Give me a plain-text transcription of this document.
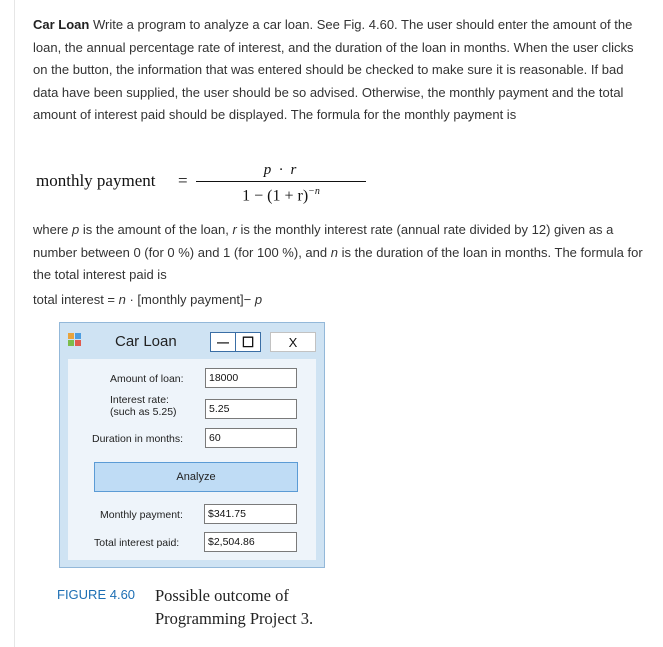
Car Loan Write a program to analyze a car loan. See Fig. 4.60. The user should enter the amount of the loan, the annual percentage rate of interest, and the duration of the loan in months. When the user clicks on the button, the information that was entered should be checked to make sure it is reasonable. If bad data have been supplied, the user should be so advised. Otherwise, the monthly payment and the total amount of interest paid should be displayed. The formula for the monthly payment is

monthly payment =
p · r
$1 - (1 + r)^{-n}$

where p is the amount of the loan, r is the monthly interest rate (annual rate divided by 12) given as a number between 0 (for 0 %) and 1 (for 100 %), and n is the duration of the loan in months. The formula for the total interest paid is

total interest = n · [monthly payment]− p
Car Loan	— ☐	X
Amount of loan:	18000
Interest rate:
(such as 5.25)	5.25
Duration in months:	60
Analyze
Monthly payment:	$341.75
Total interest paid:	$2,504.86
FIGURE 4.60 Possible outcome of Programming Project 3.
